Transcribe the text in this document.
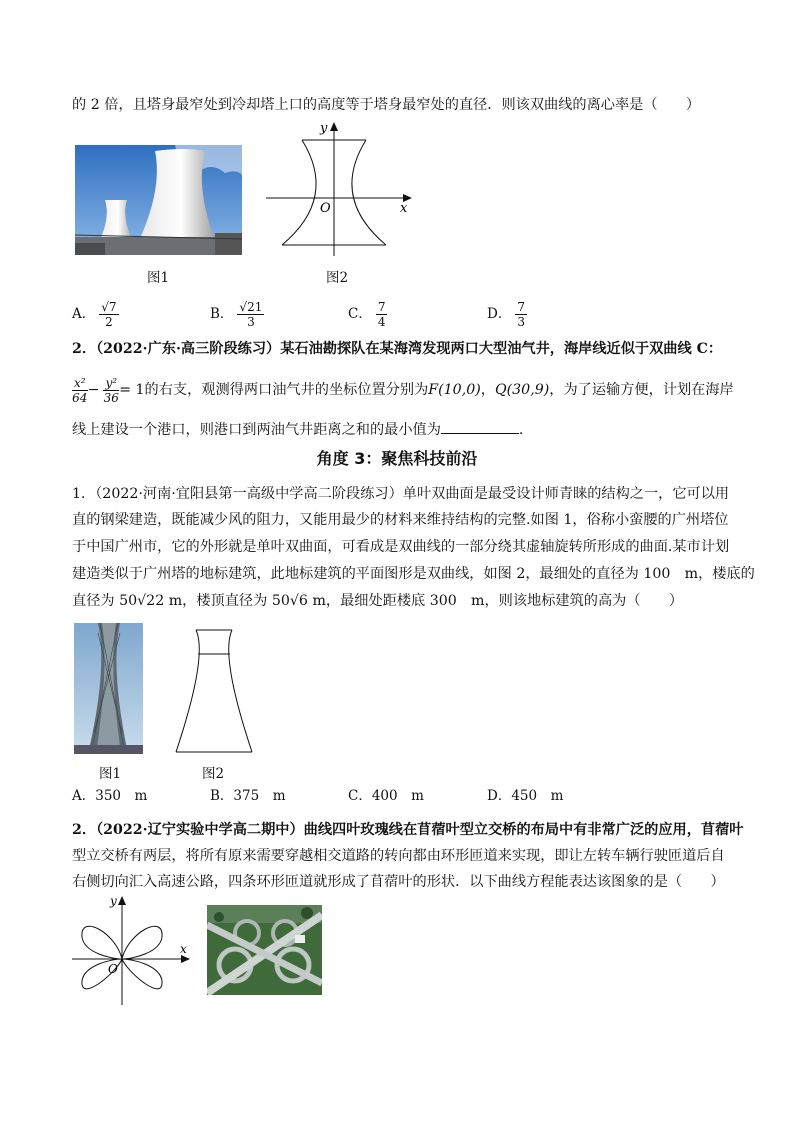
的 2 倍，且塔身最窄处到冷却塔上口的高度等于塔身最窄处的直径．则该双曲线的离心率是（　　）
图1
y
x
O
图2
A． $\frac{√7}{2}$	B． $\frac{√21}{3}$	C． $\frac{7}{4}$	D． $\frac{7}{3}$
2．（2022·广东·高三阶段练习）某石油勘探队在某海湾发现两口大型油气井，海岸线近似于双曲线 C：
$\frac{\text{x²}}{64} - \frac{\text{y²}}{36} = 1$的右支，观测得两口油气井的坐标位置分别为F(10,0)，Q(30,9)，为了运输方便，计划在海岸
线上建设一个港口，则港口到两油气井距离之和的最小值为	.
角度 3：聚焦科技前沿
1．（2022·河南·宜阳县第一高级中学高二阶段练习）单叶双曲面是最受设计师青睐的结构之一，它可以用
直的钢梁建造，既能减少风的阻力，又能用最少的材料来维持结构的完整.如图 1，俗称小蛮腰的广州塔位
于中国广州市，它的外形就是单叶双曲面，可看成是双曲线的一部分绕其虚轴旋转所形成的曲面.某市计划
建造类似于广州塔的地标建筑，此地标建筑的平面图形是双曲线，如图 2，最细处的直径为 100　m，楼底的
直径为 50√22 m，楼顶直径为 50√6 m，最细处距楼底 300　m，则该地标建筑的高为（　　）
图1	图2
A．350　m	B．375　m	C．400　m	D．450　m
2．（2022·辽宁实验中学高二期中）曲线四叶玫瑰线在苜蓿叶型立交桥的布局中有非常广泛的应用，苜蓿叶
型立交桥有两层，将所有原来需要穿越相交道路的转向都由环形匝道来实现，即让左转车辆行驶匝道后自
右侧切向汇入高速公路，四条环形匝道就形成了苜蓿叶的形状．以下曲线方程能表达该图象的是（　　）
y
x
O
